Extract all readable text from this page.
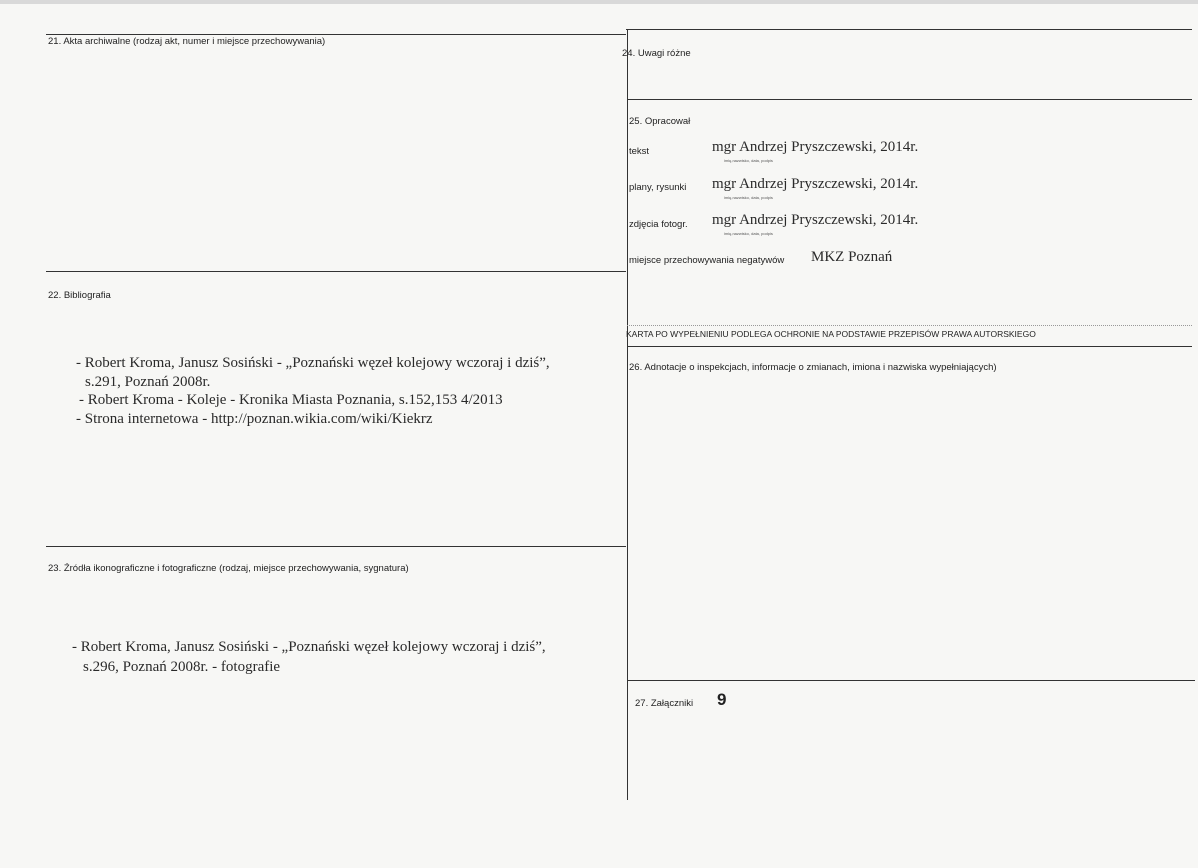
21. Akta archiwalne (rodzaj akt, numer i miejsce przechowywania)
22. Bibliografia
- Robert Kroma, Janusz Sosiński - „Poznański węzeł kolejowy wczoraj i dziś”,
s.291, Poznań 2008r.
- Robert Kroma - Koleje - Kronika Miasta Poznania, s.152,153 4/2013
- Strona internetowa - http://poznan.wikia.com/wiki/Kiekrz
23. Źródła ikonograficzne i fotograficzne (rodzaj, miejsce przechowywania, sygnatura)
- Robert Kroma, Janusz Sosiński - „Poznański węzeł kolejowy wczoraj i dziś”,
s.296, Poznań 2008r. - fotografie
24. Uwagi różne
25. Opracował
tekst	mgr Andrzej Pryszczewski, 2014r.
imię,nazwisko, data, podpis
plany, rysunki mgr Andrzej Pryszczewski, 2014r.
imię,nazwisko, data, podpis
zdjęcia fotogr. mgr Andrzej Pryszczewski, 2014r.
imię,nazwisko, data, podpis
miejsce przechowywania negatywów MKZ Poznań
KARTA PO WYPEŁNIENIU PODLEGA OCHRONIE NA PODSTAWIE PRZEPISÓW PRAWA AUTORSKIEGO
26. Adnotacje o inspekcjach, informacje o zmianach, imiona i nazwiska wypełniających)
27. Załączniki 9
